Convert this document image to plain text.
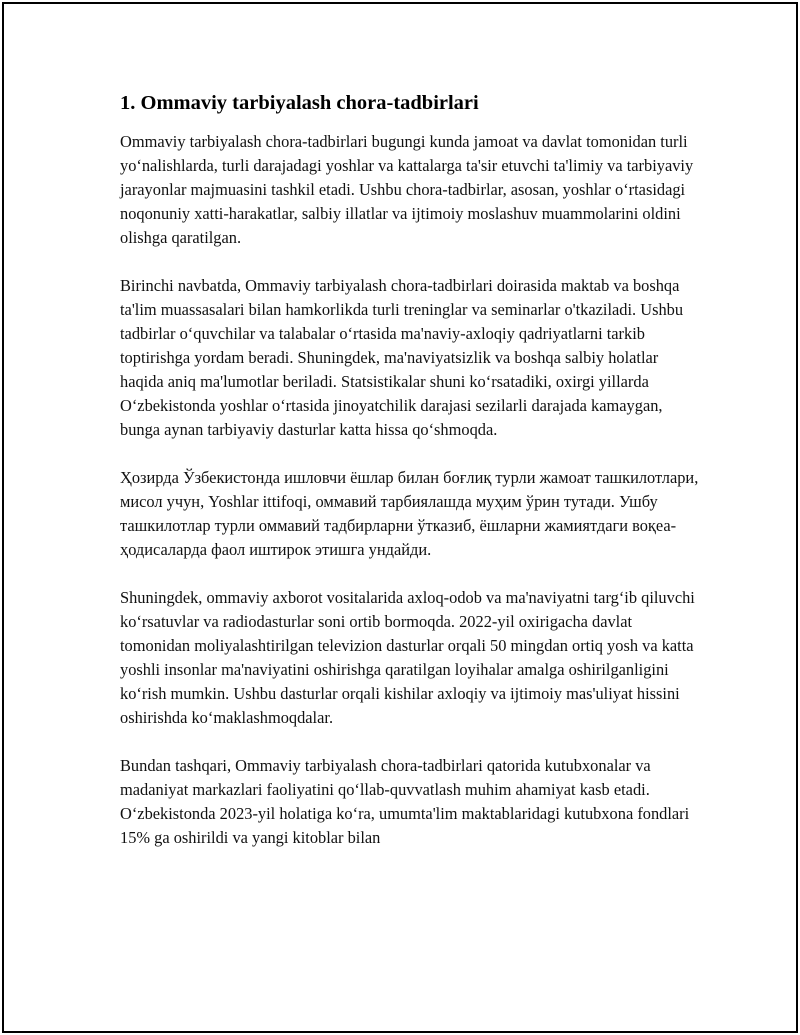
1. Ommaviy tarbiyalash chora-tadbirlari

Ommaviy tarbiyalash chora-tadbirlari bugungi kunda jamoat va davlat tomonidan turli yoʻnalishlarda, turli darajadagi yoshlar va kattalarga ta'sir etuvchi ta'limiy va tarbiyaviy jarayonlar majmuasini tashkil etadi. Ushbu chora-tadbirlar, asosan, yoshlar oʻrtasidagi noqonuniy xatti-harakatlar, salbiy illatlar va ijtimoiy moslashuv muammolarini oldini olishga qaratilgan.

Birinchi navbatda, Ommaviy tarbiyalash chora-tadbirlari doirasida maktab va boshqa ta'lim muassasalari bilan hamkorlikda turli treninglar va seminarlar o'tkaziladi. Ushbu tadbirlar oʻquvchilar va talabalar oʻrtasida ma'naviy-axloqiy qadriyatlarni tarkib toptirishga yordam beradi. Shuningdek, ma'naviyatsizlik va boshqa salbiy holatlar haqida aniq ma'lumotlar beriladi. Statsistikalar shuni koʻrsatadiki, oxirgi yillarda Oʻzbekistonda yoshlar oʻrtasida jinoyatchilik darajasi sezilarli darajada kamaygan, bunga aynan tarbiyaviy dasturlar katta hissa qoʻshmoqda.

Ҳозирда Ўзбекистонда ишловчи ёшлар билан боғлиқ турли жамоат ташкилотлари, мисол учун, Yoshlar ittifoqi, оммавий тарбиялашда муҳим ўрин тутади. Ушбу ташкилотлар турли оммавий тадбирларни ўтказиб, ёшларни жамиятдаги воқеа-ҳодисаларда фаол иштирок этишга ундайди.

Shuningdek, ommaviy axborot vositalarida axloq-odob va ma'naviyatni targʻib qiluvchi koʻrsatuvlar va radiodasturlar soni ortib bormoqda. 2022-yil oxirigacha davlat tomonidan moliyalashtirilgan televizion dasturlar orqali 50 mingdan ortiq yosh va katta yoshli insonlar ma'naviyatini oshirishga qaratilgan loyihalar amalga oshirilganligini koʻrish mumkin. Ushbu dasturlar orqali kishilar axloqiy va ijtimoiy mas'uliyat hissini oshirishda koʻmaklashmoqdalar.

Bundan tashqari, Ommaviy tarbiyalash chora-tadbirlari qatorida kutubxonalar va madaniyat markazlari faoliyatini qoʻllab-quvvatlash muhim ahamiyat kasb etadi. Oʻzbekistonda 2023-yil holatiga koʻra, umumta'lim maktablaridagi kutubxona fondlari 15% ga oshirildi va yangi kitoblar bilan
